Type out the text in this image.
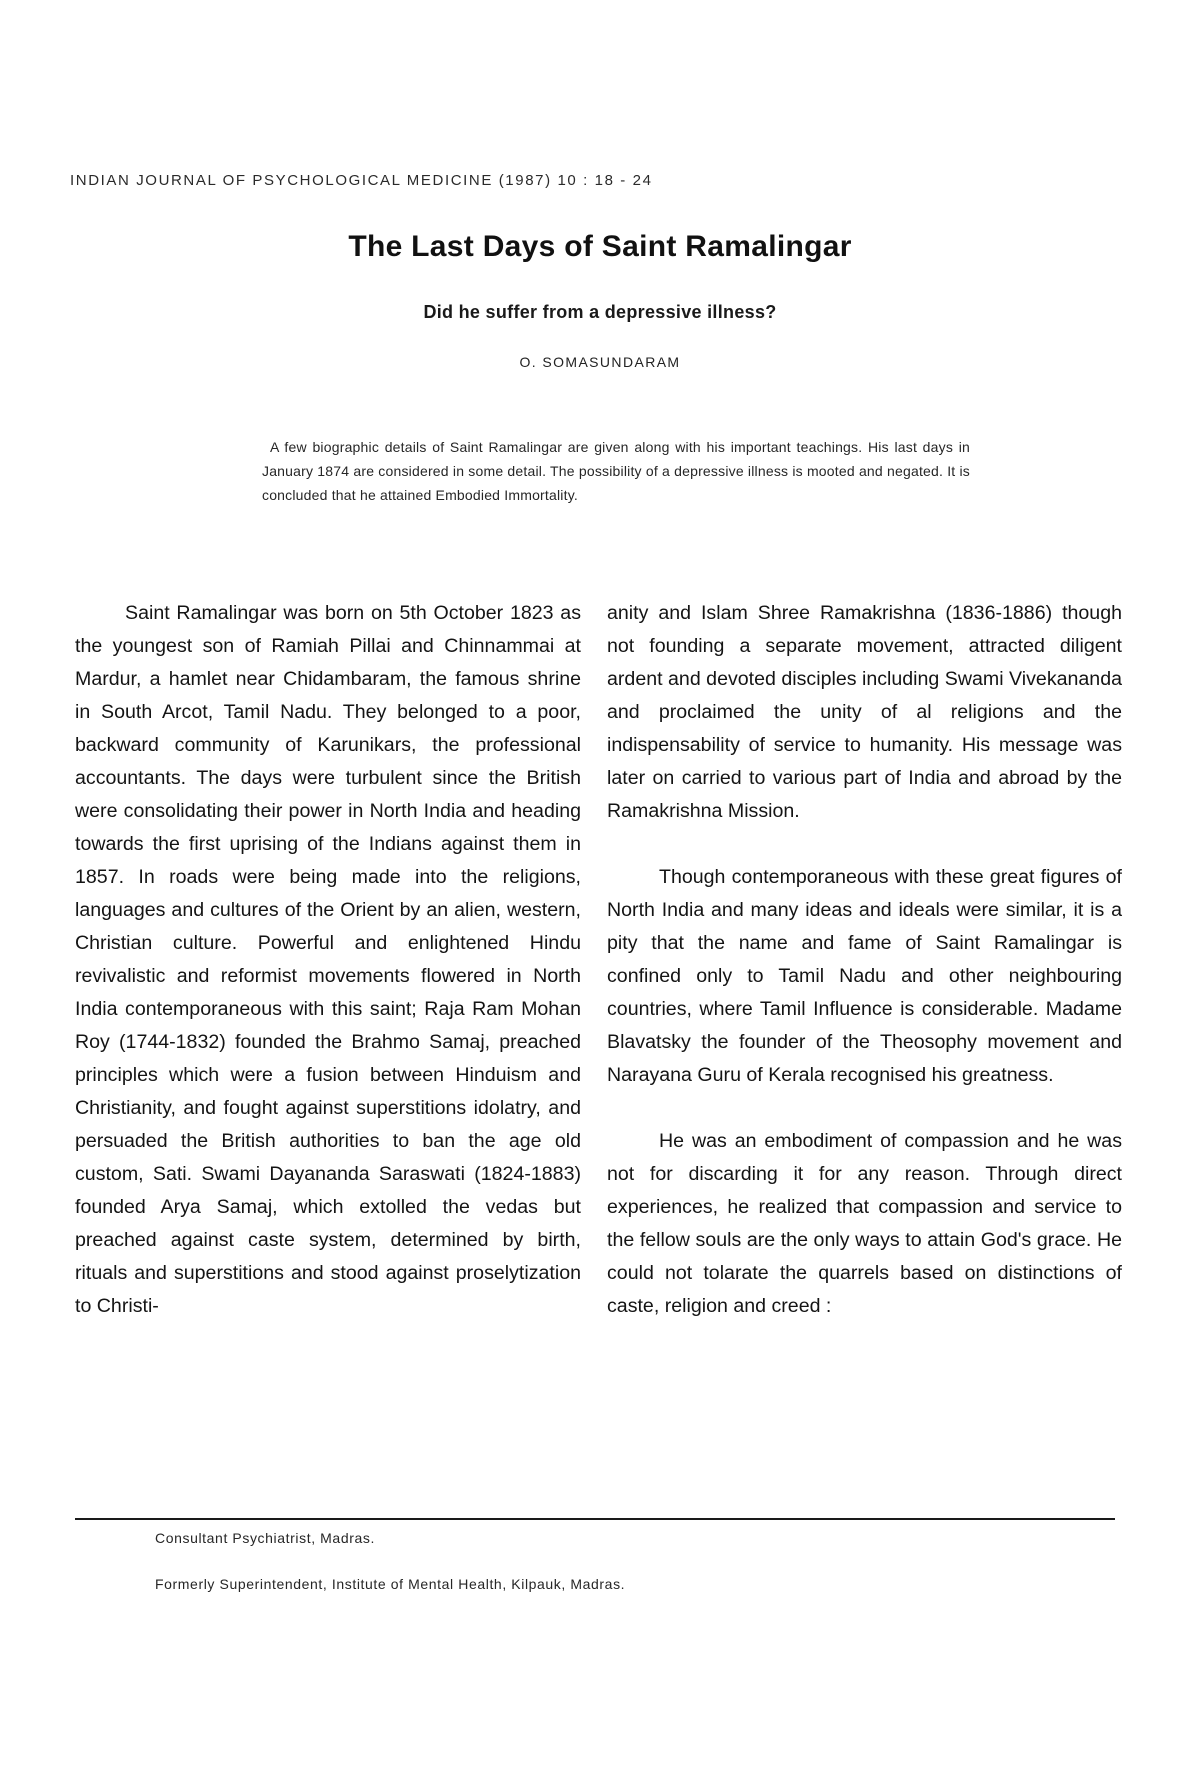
INDIAN JOURNAL OF PSYCHOLOGICAL MEDICINE (1987) 10 : 18 - 24
The Last Days of Saint Ramalingar
Did he suffer from a depressive illness?
O. SOMASUNDARAM
A few biographic details of Saint Ramalingar are given along with his important teachings. His last days in January 1874 are considered in some detail. The possibility of a depressive illness is mooted and negated. It is concluded that he attained Embodied Immortality.

Saint Ramalingar was born on 5th October 1823 as the youngest son of Ramiah Pillai and Chinnammai at Mardur, a hamlet near Chidambaram, the famous shrine in South Arcot, Tamil Nadu. They belonged to a poor, backward community of Karunikars, the professional accountants. The days were turbulent since the British were consolidating their power in North India and heading towards the first uprising of the Indians against them in 1857. In roads were being made into the religions, languages and cultures of the Orient by an alien, western, Christian culture. Powerful and enlightened Hindu revivalistic and reformist movements flowered in North India contemporaneous with this saint; Raja Ram Mohan Roy (1744-1832) founded the Brahmo Samaj, preached principles which were a fusion between Hinduism and Christianity, and fought against superstitions idolatry, and persuaded the British authorities to ban the age old custom, Sati. Swami Dayananda Saraswati (1824-1883) founded Arya Samaj, which extolled the vedas but preached against caste system, determined by birth, rituals and superstitions and stood against proselytization to Christi-

anity and Islam Shree Ramakrishna (1836-1886) though not founding a separate movement, attracted diligent ardent and devoted disciples including Swami Vivekananda and proclaimed the unity of al religions and the indispensability of service to humanity. His message was later on carried to various part of India and abroad by the Ramakrishna Mission.

Though contemporaneous with these great figures of North India and many ideas and ideals were similar, it is a pity that the name and fame of Saint Ramalingar is confined only to Tamil Nadu and other neighbouring countries, where Tamil Influence is considerable. Madame Blavatsky the founder of the Theosophy movement and Narayana Guru of Kerala recognised his greatness.

He was an embodiment of compassion and he was not for discarding it for any reason. Through direct experiences, he realized that compassion and service to the fellow souls are the only ways to attain God's grace. He could not tolarate the quarrels based on distinctions of caste, religion and creed :

Consultant Psychiatrist, Madras.
Formerly Superintendent, Institute of Mental Health, Kilpauk, Madras.
